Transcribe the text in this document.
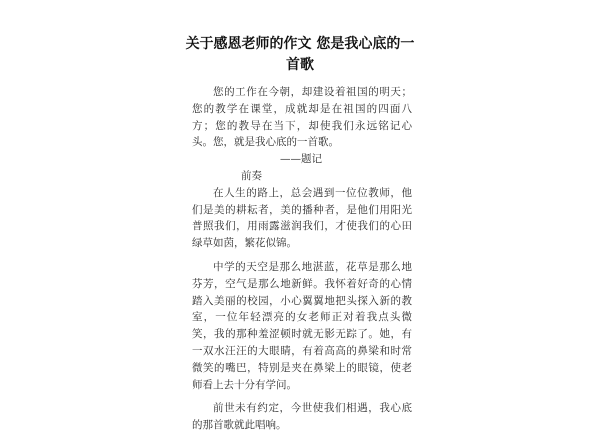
关于感恩老师的作文 您是我心底的一
首歌

您的工作在今朝，却建设着祖国的明天；您的教学在课堂，成就却是在祖国的四面八方；您的教导在当下，却使我们永远铭记心头。您，就是我心底的一首歌。

——题记

前奏

在人生的路上，总会遇到一位位教师，他们是美的耕耘者，美的播种者，是他们用阳光普照我们，用雨露滋润我们，才使我们的心田绿草如茵，繁花似锦。

中学的天空是那么地湛蓝，花草是那么地芬芳，空气是那么地新鲜。我怀着好奇的心情踏入美丽的校园，小心翼翼地把头探入新的教室，一位年轻漂亮的女老师正对着我点头微笑，我的那种羞涩顿时就无影无踪了。她，有一双水汪汪的大眼睛，有着高高的鼻梁和时常微笑的嘴巴，特别是夹在鼻梁上的眼镜，使老师看上去十分有学问。

前世未有约定，今世使我们相遇，我心底的那首歌就此唱响。
